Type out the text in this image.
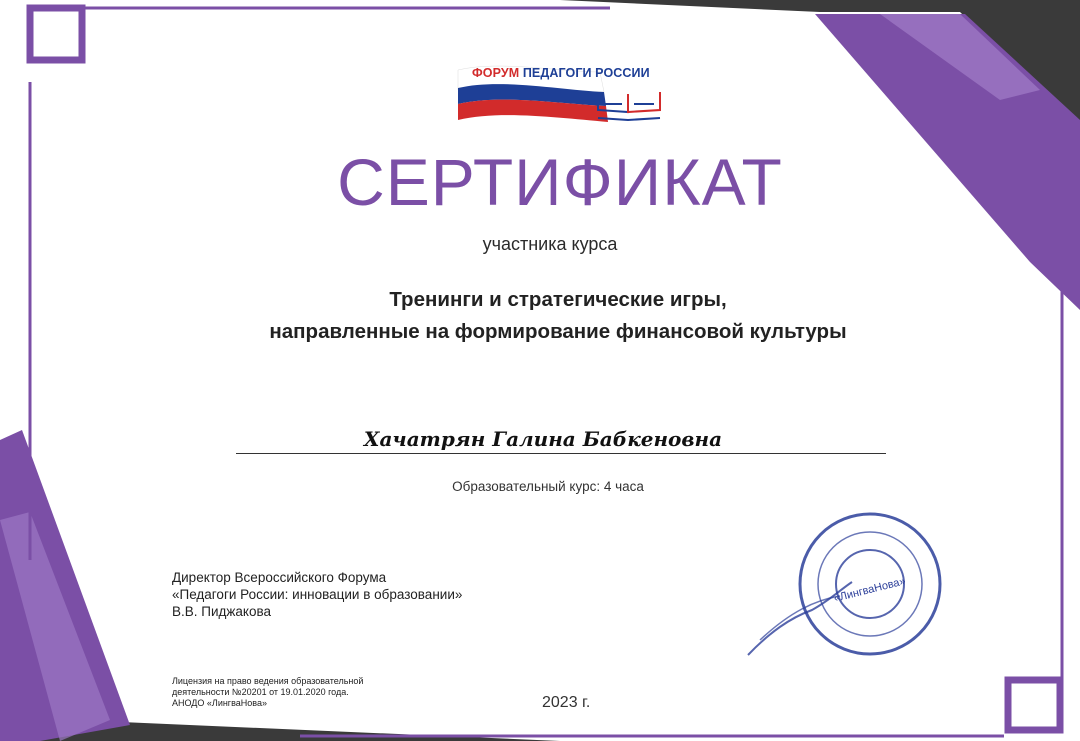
ФОРУМ ПЕДАГОГИ РОССИИ
СЕРТИФИКАТ
участника курса
Тренинги и стратегические игры,
направленные на формирование финансовой культуры
Хачатрян Галина Бабкеновна
Образовательный курс: 4 часа
Директор Всероссийского Форума
«Педагоги России: инновации в образовании»
В.В. Пиджакова
Лицензия на право ведения образовательной
деятельности №20201 от 19.01.2020 года.
АНОДО «ЛингваНова»	2023 г.
«ЛингваНова»
